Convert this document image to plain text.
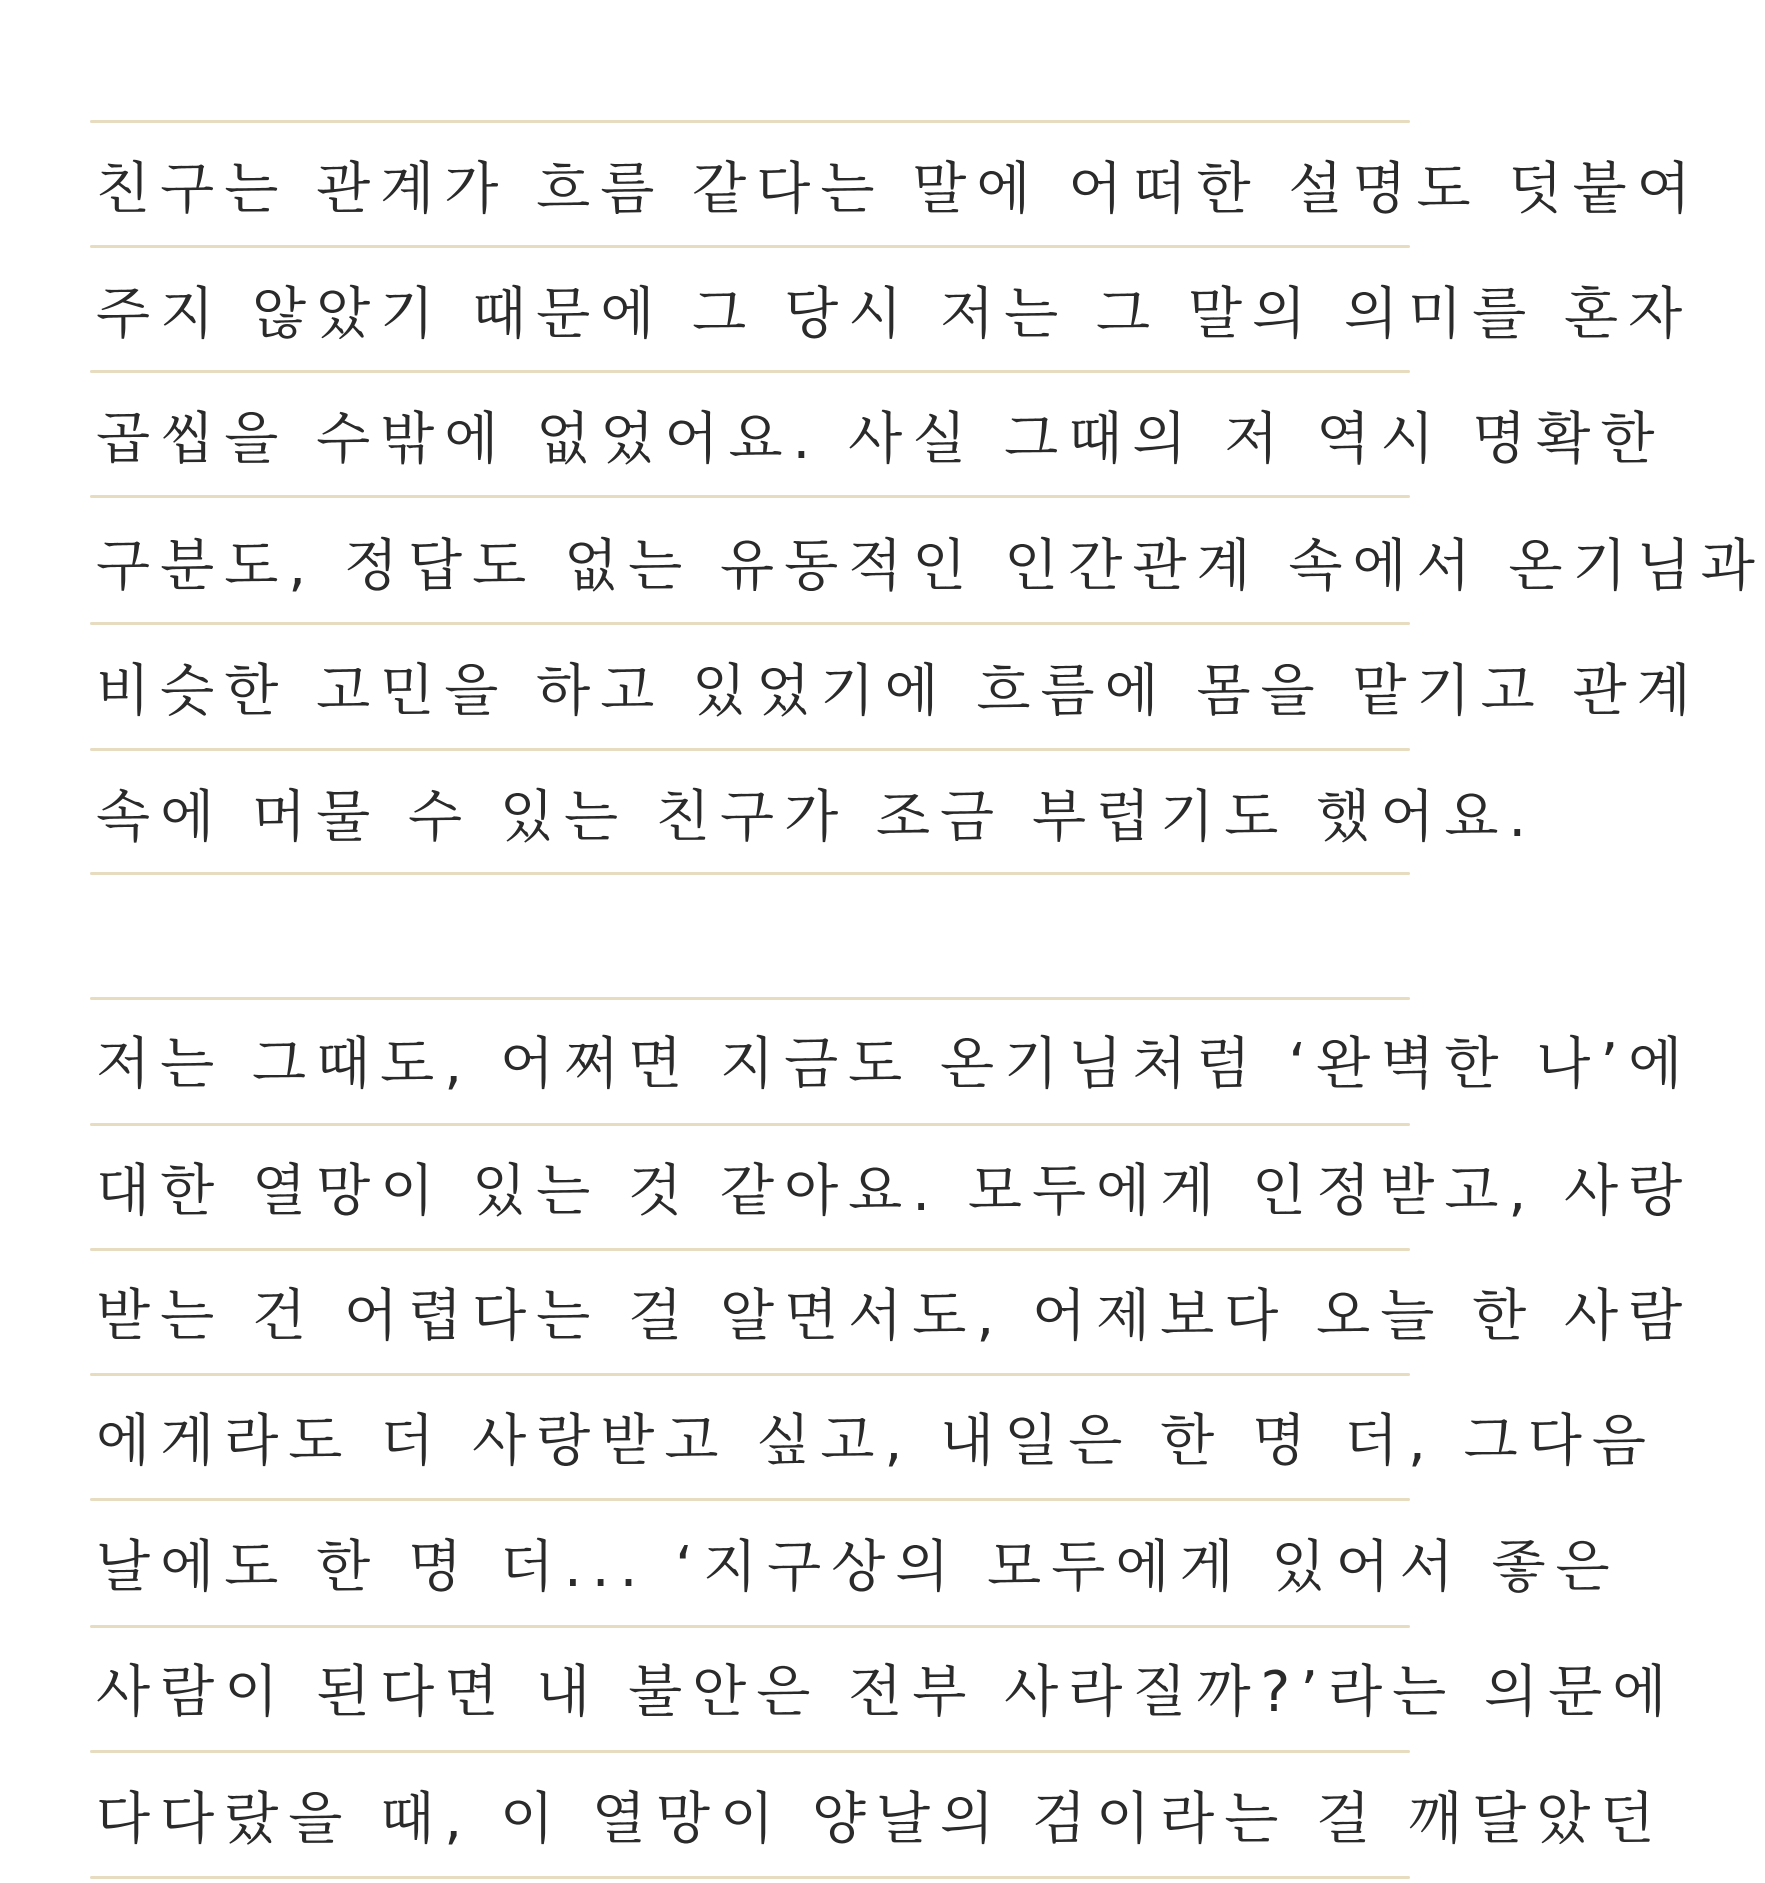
친구는 관계가 흐름 같다는 말에 어떠한 설명도 덧붙여
주지 않았기 때문에 그 당시 저는 그 말의 의미를 혼자
곱씹을 수밖에 없었어요. 사실 그때의 저 역시 명확한
구분도, 정답도 없는 유동적인 인간관계 속에서 온기님과
비슷한 고민을 하고 있었기에 흐름에 몸을 맡기고 관계
속에 머물 수 있는 친구가 조금 부럽기도 했어요.
저는 그때도, 어쩌면 지금도 온기님처럼 ‘완벽한 나’에
대한 열망이 있는 것 같아요. 모두에게 인정받고, 사랑
받는 건 어렵다는 걸 알면서도, 어제보다 오늘 한 사람
에게라도 더 사랑받고 싶고, 내일은 한 명 더, 그다음
날에도 한 명 더... ‘지구상의 모두에게 있어서 좋은
사람이 된다면 내 불안은 전부 사라질까?’라는 의문에
다다랐을 때, 이 열망이 양날의 검이라는 걸 깨달았던
